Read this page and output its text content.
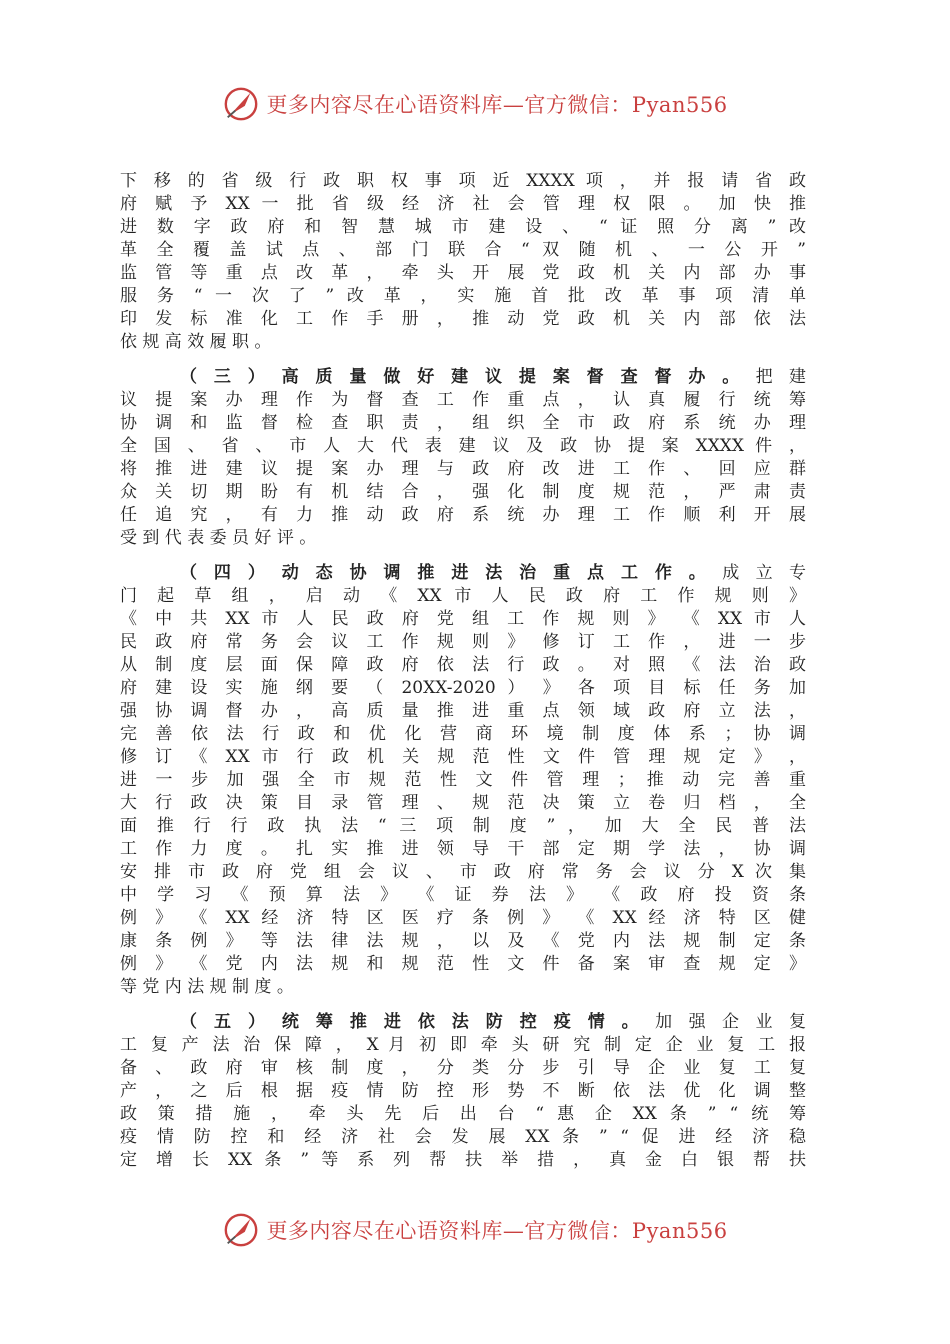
更多内容尽在心语资料库—官方微信：Pyan556
下 移 的 省 级 行 政 职 权 事 项 近 XXXX 项 ， 并 报 请 省 政
府 赋 予 XX 一 批 省 级 经 济 社 会 管 理 权 限 。 加 快 推
进 数 字 政 府 和 智 慧 城 市 建 设 、 “ 证 照 分 离 ” 改
革 全 覆 盖 试 点 、 部 门 联 合 “ 双 随 机 、 一 公 开 ”
监 管 等 重 点 改 革 ， 牵 头 开 展 党 政 机 关 内 部 办 事
服 务 “ 一 次 了 ” 改 革 ， 实 施 首 批 改 革 事 项 清 单
印 发 标 准 化 工 作 手 册 ， 推 动 党 政 机 关 内 部 依 法
依 规 高 效 履 职 。
（ 三 ） 高 质 量 做 好 建 议 提 案 督 查 督 办 。 把 建
议 提 案 办 理 作 为 督 查 工 作 重 点 ， 认 真 履 行 统 筹
协 调 和 监 督 检 查 职 责 ， 组 织 全 市 政 府 系 统 办 理
全 国 、 省 、 市 人 大 代 表 建 议 及 政 协 提 案 XXXX 件 ，
将 推 进 建 议 提 案 办 理 与 政 府 改 进 工 作 、 回 应 群
众 关 切 期 盼 有 机 结 合 ， 强 化 制 度 规 范 ， 严 肃 责
任 追 究 ， 有 力 推 动 政 府 系 统 办 理 工 作 顺 利 开 展
受 到 代 表 委 员 好 评 。
（ 四 ） 动 态 协 调 推 进 法 治 重 点 工 作 。 成 立 专
门 起 草 组 ， 启 动 《 XX 市 人 民 政 府 工 作 规 则 》
《 中 共 XX 市 人 民 政 府 党 组 工 作 规 则 》 《 XX 市 人
民 政 府 常 务 会 议 工 作 规 则 》 修 订 工 作 ， 进 一 步
从 制 度 层 面 保 障 政 府 依 法 行 政 。 对 照 《 法 治 政
府 建 设 实 施 纲 要 （ 20XX-2020 ） 》 各 项 目 标 任 务 加
强 协 调 督 办 ， 高 质 量 推 进 重 点 领 域 政 府 立 法 ，
完 善 依 法 行 政 和 优 化 营 商 环 境 制 度 体 系 ； 协 调
修 订 《 XX 市 行 政 机 关 规 范 性 文 件 管 理 规 定 》 ，
进 一 步 加 强 全 市 规 范 性 文 件 管 理 ； 推 动 完 善 重
大 行 政 决 策 目 录 管 理 、 规 范 决 策 立 卷 归 档 ， 全
面 推 行 行 政 执 法 “ 三 项 制 度 ” ， 加 大 全 民 普 法
工 作 力 度 。 扎 实 推 进 领 导 干 部 定 期 学 法 ， 协 调
安 排 市 政 府 党 组 会 议 、 市 政 府 常 务 会 议 分 X 次 集
中 学 习 《 预 算 法 》 《 证 券 法 》 《 政 府 投 资 条
例 》 《 XX 经 济 特 区 医 疗 条 例 》 《 XX 经 济 特 区 健
康 条 例 》 等 法 律 法 规 ， 以 及 《 党 内 法 规 制 定 条
例 》 《 党 内 法 规 和 规 范 性 文 件 备 案 审 查 规 定 》
等 党 内 法 规 制 度 。
（ 五 ） 统 筹 推 进 依 法 防 控 疫 情 。 加 强 企 业 复
工 复 产 法 治 保 障 ， X 月 初 即 牵 头 研 究 制 定 企 业 复 工 报
备 、 政 府 审 核 制 度 ， 分 类 分 步 引 导 企 业 复 工 复
产 ， 之 后 根 据 疫 情 防 控 形 势 不 断 依 法 优 化 调 整
政 策 措 施 ， 牵 头 先 后 出 台 “ 惠 企 XX 条 ” “ 统 筹
疫 情 防 控 和 经 济 社 会 发 展 XX 条 ” “ 促 进 经 济 稳
定 增 长 XX 条 ” 等 系 列 帮 扶 举 措 ， 真 金 白 银 帮 扶
更多内容尽在心语资料库—官方微信：Pyan556
